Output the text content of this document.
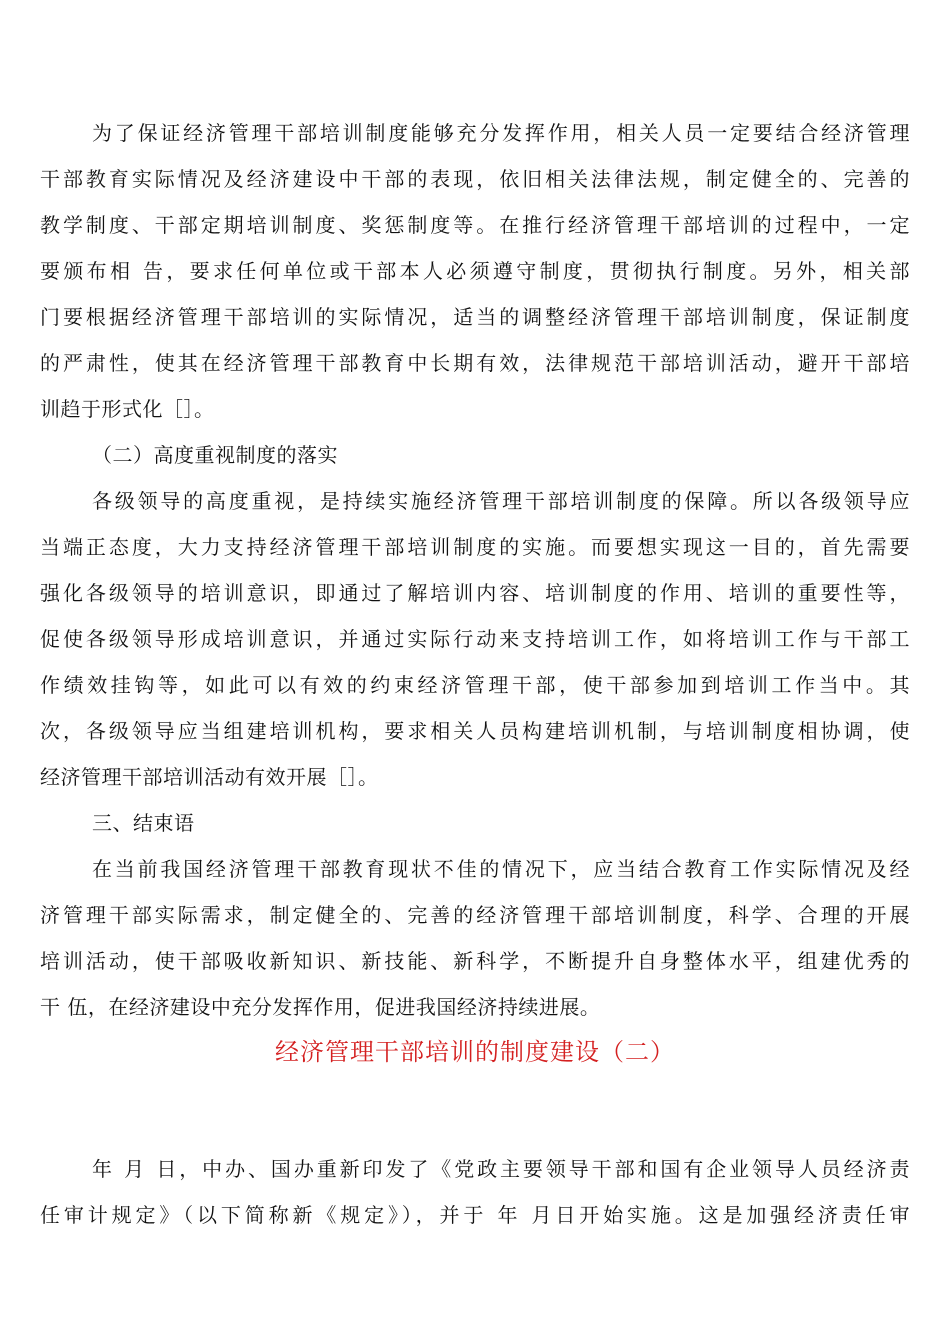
为了保证经济管理干部培训制度能够充分发挥作用，相关人员一定要结合经济管理
干部教育实际情况及经济建设中干部的表现，依旧相关法律法规，制定健全的、完善的
教学制度、干部定期培训制度、奖惩制度等。在推行经济管理干部培训的过程中，一定
要颁布相 告，要求任何单位或干部本人必须遵守制度，贯彻执行制度。另外，相关部
门要根据经济管理干部培训的实际情况，适当的调整经济管理干部培训制度，保证制度
的严肃性，使其在经济管理干部教育中长期有效，法律规范干部培训活动，避开干部培
训趋于形式化［］。
（二）高度重视制度的落实
各级领导的高度重视，是持续实施经济管理干部培训制度的保障。所以各级领导应
当端正态度，大力支持经济管理干部培训制度的实施。而要想实现这一目的，首先需要
强化各级领导的培训意识，即通过了解培训内容、培训制度的作用、培训的重要性等，
促使各级领导形成培训意识，并通过实际行动来支持培训工作，如将培训工作与干部工
作绩效挂钩等，如此可以有效的约束经济管理干部，使干部参加到培训工作当中。其
次，各级领导应当组建培训机构，要求相关人员构建培训机制，与培训制度相协调，使
经济管理干部培训活动有效开展［］。
三、结束语
在当前我国经济管理干部教育现状不佳的情况下，应当结合教育工作实际情况及经
济管理干部实际需求，制定健全的、完善的经济管理干部培训制度，科学、合理的开展
培训活动，使干部吸收新知识、新技能、新科学，不断提升自身整体水平，组建优秀的
干 伍，在经济建设中充分发挥作用，促进我国经济持续进展。
经济管理干部培训的制度建设（二）
年 月 日，中办、国办重新印发了《党政主要领导干部和国有企业领导人员经济责
任审计规定》（以下简称新《规定》），并于 年 月日开始实施。这是加强经济责任审
